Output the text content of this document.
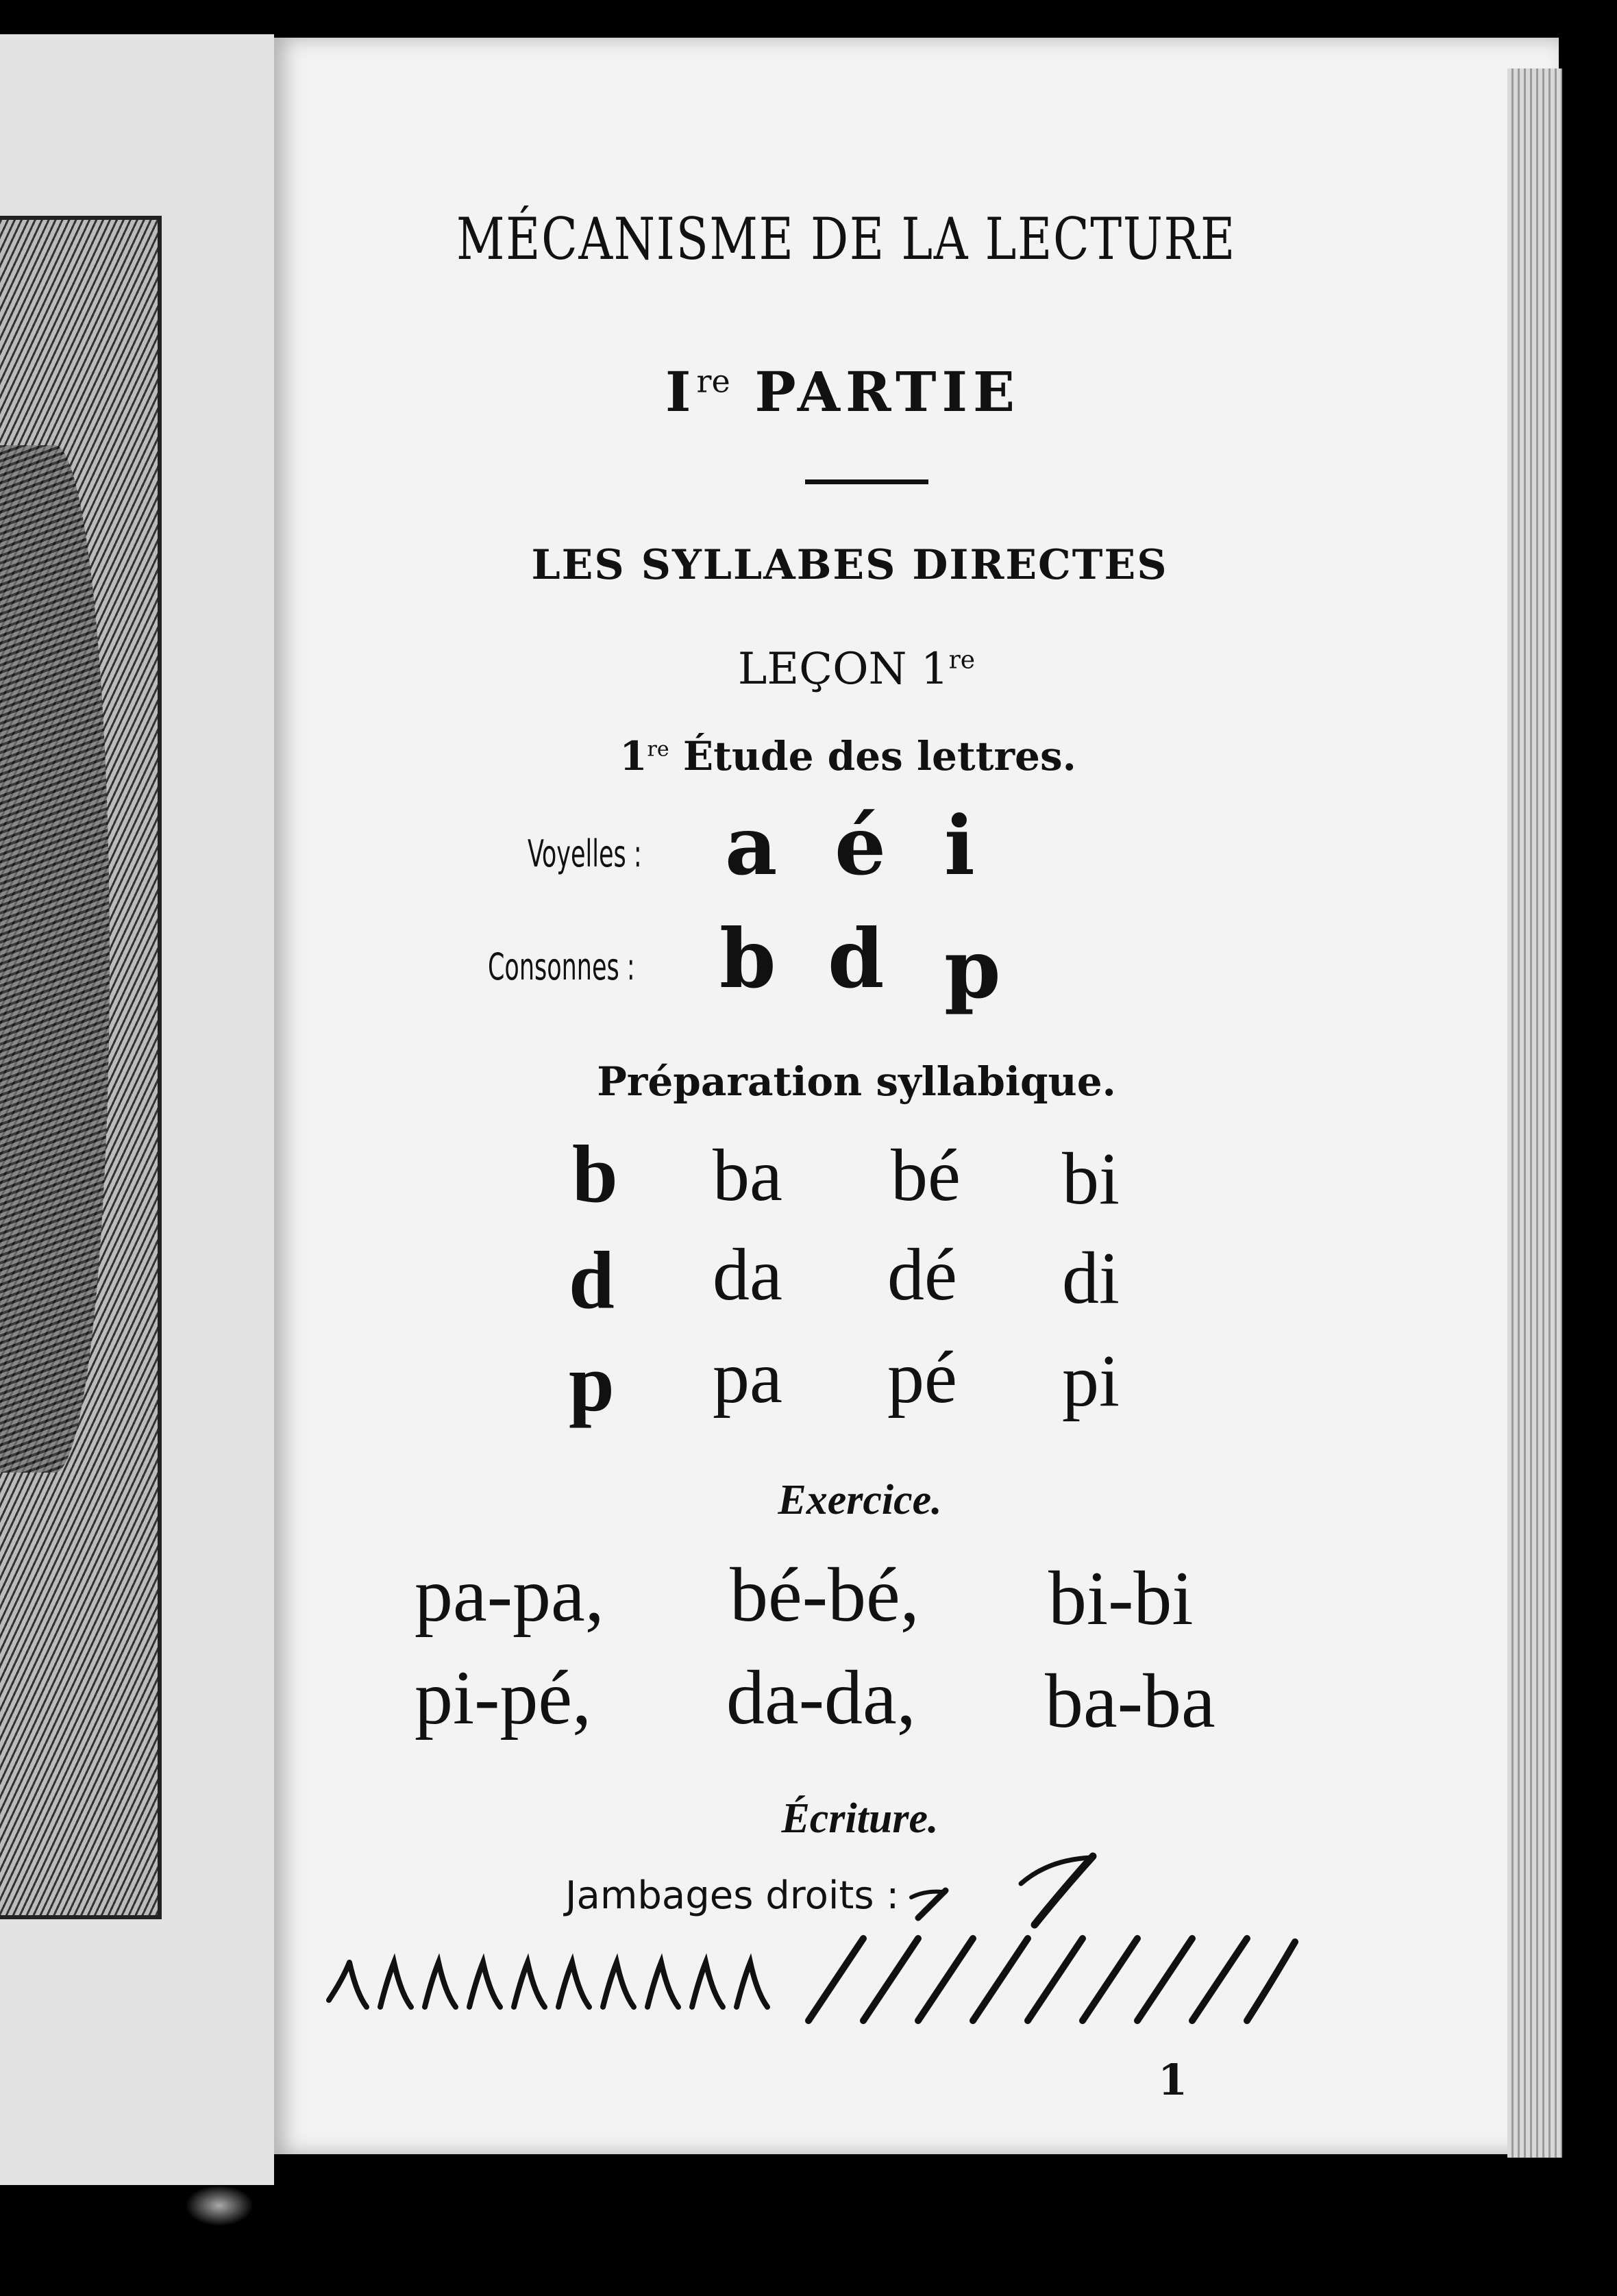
MÉCANISME DE LA LECTURE
Ire PARTIE
LES SYLLABES DIRECTES
LEÇON 1re
1re Étude des lettres.
Voyelles : a é i
Consonnes : b d p
Préparation syllabique.
b ba bé bi
d da dé di
p pa pé pi
Exercice.
pa-pa, bé-bé, bi-bi
pi-pé, da-da, ba-ba
Écriture.
Jambages droits :
1
